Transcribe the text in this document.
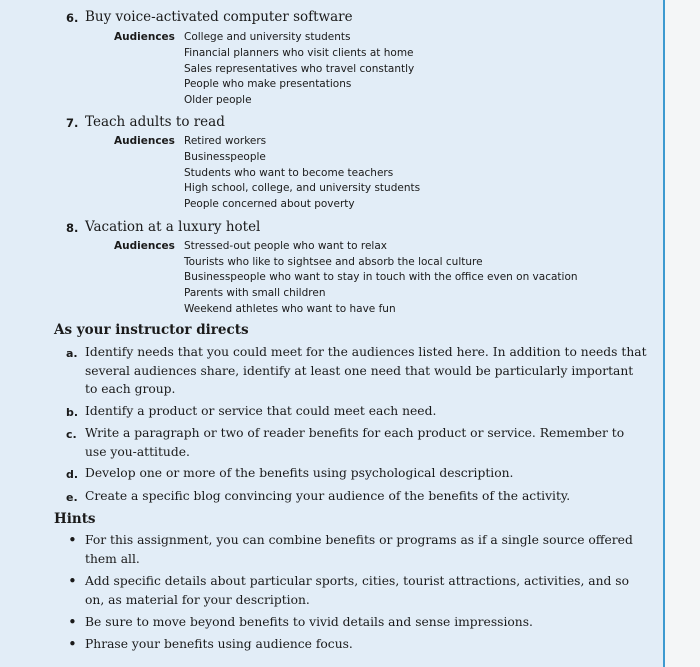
6. Buy voice-activated computer software
Audiences College and university students
Financial planners who visit clients at home
Sales representatives who travel constantly
People who make presentations
Older people
7. Teach adults to read
Audiences Retired workers
Businesspeople
Students who want to become teachers
High school, college, and university students
People concerned about poverty
8. Vacation at a luxury hotel
Audiences Stressed-out people who want to relax
Tourists who like to sightsee and absorb the local culture
Businesspeople who want to stay in touch with the office even on vacation
Parents with small children
Weekend athletes who want to have fun
As your instructor directs
a. Identify needs that you could meet for the audiences listed here. In addition to needs that
several audiences share, identify at least one need that would be particularly important
to each group.
b. Identify a product or service that could meet each need.
c. Write a paragraph or two of reader benefits for each product or service. Remember to
use you-attitude.
d. Develop one or more of the benefits using psychological description.
e. Create a specific blog convincing your audience of the benefits of the activity.
Hints
• For this assignment, you can combine benefits or programs as if a single source offered
them all.
• Add specific details about particular sports, cities, tourist attractions, activities, and so
on, as material for your description.
• Be sure to move beyond benefits to vivid details and sense impressions.
• Phrase your benefits using audience focus.
